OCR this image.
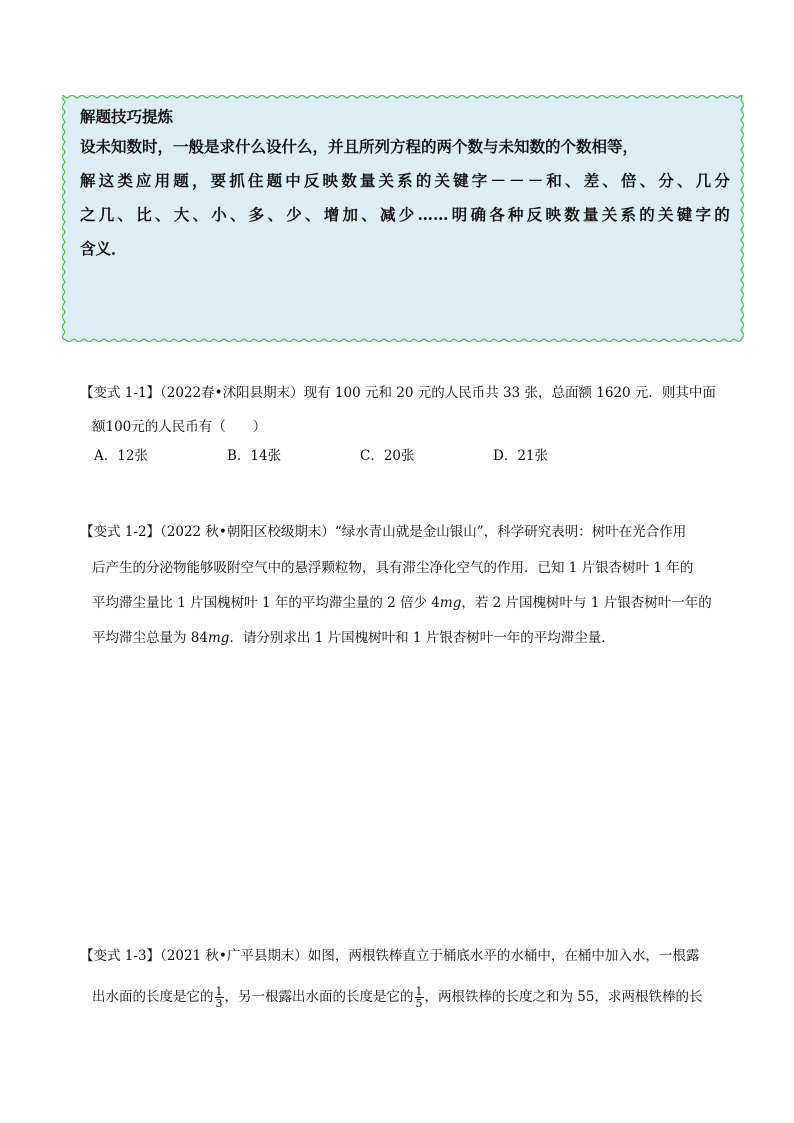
解题技巧提炼
设未知数时，一般是求什么设什么，并且所列方程的两个数与未知数的个数相等，
解 这 类 应 用 题 ， 要 抓 住 题 中 反 映 数 量 关 系 的 关 键 字 － － － 和 、 差 、 倍 、 分 、 几 分
之 几 、 比 、 大 、 小 、 多 、 少 、 增 加 、 减 少 …… 明 确 各 种 反 映 数 量 关 系 的 关 键 字 的
含义．
【变式 1-1】（2022春•沭阳县期末）现有 100 元和 20 元的人民币共 33 张，总面额 1620 元．则其中面
额100元的人民币有（　　）
A．12张	B．14张	C．20张	D．21张
【变式 1-2】（2022 秋•朝阳区校级期末）“绿水青山就是金山银山”，科学研究表明：树叶在光合作用
后产生的分泌物能够吸附空气中的悬浮颗粒物，具有滞尘净化空气的作用．已知 1 片银杏树叶 1 年的
平均滞尘量比 1 片国槐树叶 1 年的平均滞尘量的 2 倍少 4mg，若 2 片国槐树叶与 1 片银杏树叶一年的
平均滞尘总量为 84mg．请分别求出 1 片国槐树叶和 1 片银杏树叶一年的平均滞尘量．
【变式 1-3】（2021 秋•广平县期末）如图，两根铁棒直立于桶底水平的水桶中，在桶中加入水，一根露
出水面的长度是它的 $\frac{1}{3}$ ，另一根露出水面的长度是它的 $\frac{1}{5}$ ，两根铁棒的长度之和为 55，求两根铁棒的长
